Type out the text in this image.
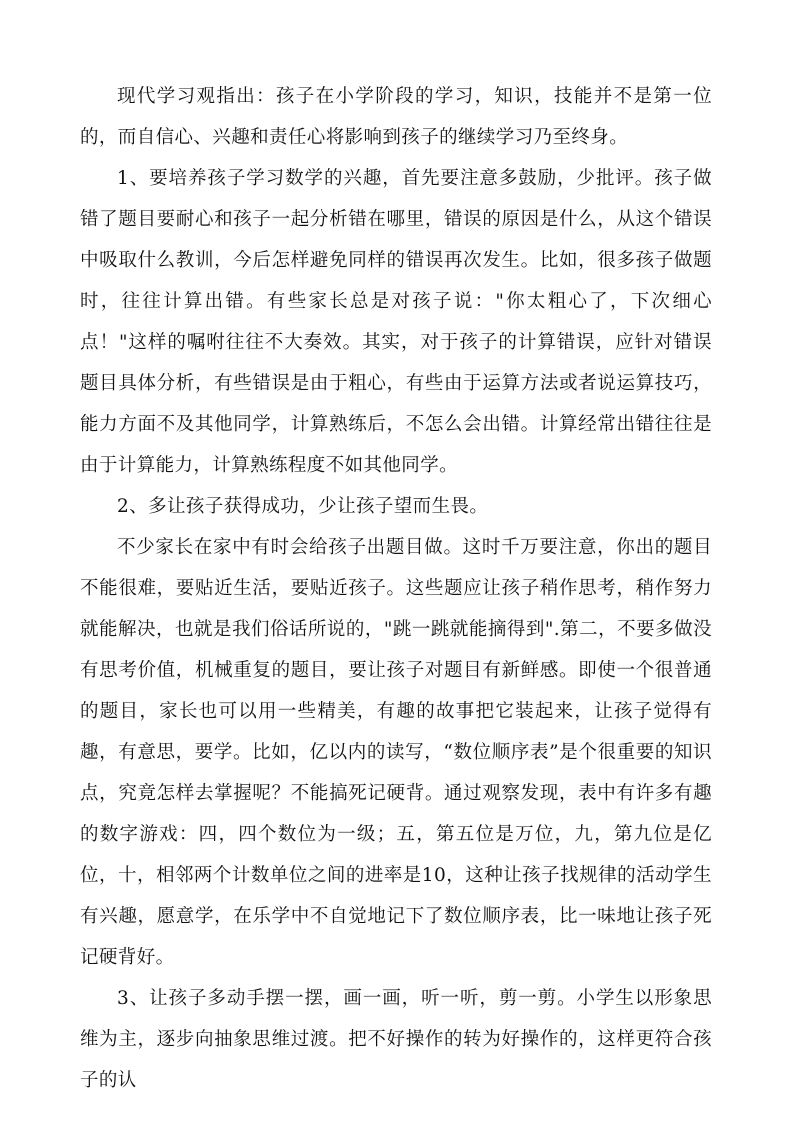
现代学习观指出：孩子在小学阶段的学习，知识，技能并不是第一位的，而自信心、兴趣和责任心将影响到孩子的继续学习乃至终身。

1、要培养孩子学习数学的兴趣，首先要注意多鼓励，少批评。孩子做错了题目要耐心和孩子一起分析错在哪里，错误的原因是什么，从这个错误中吸取什么教训，今后怎样避免同样的错误再次发生。比如，很多孩子做题时，往往计算出错。有些家长总是对孩子说："你太粗心了，下次细心点！"这样的嘱咐往往不大奏效。其实，对于孩子的计算错误，应针对错误题目具体分析，有些错误是由于粗心，有些由于运算方法或者说运算技巧，能力方面不及其他同学，计算熟练后，不怎么会出错。计算经常出错往往是由于计算能力，计算熟练程度不如其他同学。

2、多让孩子获得成功，少让孩子望而生畏。

不少家长在家中有时会给孩子出题目做。这时千万要注意，你出的题目不能很难，要贴近生活，要贴近孩子。这些题应让孩子稍作思考，稍作努力就能解决，也就是我们俗话所说的，"跳一跳就能摘得到".第二，不要多做没有思考价值，机械重复的题目，要让孩子对题目有新鲜感。即使一个很普通的题目，家长也可以用一些精美，有趣的故事把它装起来，让孩子觉得有趣，有意思，要学。比如，亿以内的读写，“数位顺序表”是个很重要的知识点，究竟怎样去掌握呢？不能搞死记硬背。通过观察发现，表中有许多有趣的数字游戏：四，四个数位为一级；五，第五位是万位，九，第九位是亿位，十，相邻两个计数单位之间的进率是10，这种让孩子找规律的活动学生有兴趣，愿意学，在乐学中不自觉地记下了数位顺序表，比一味地让孩子死记硬背好。

3、让孩子多动手摆一摆，画一画，听一听，剪一剪。小学生以形象思维为主，逐步向抽象思维过渡。把不好操作的转为好操作的，这样更符合孩子的认
